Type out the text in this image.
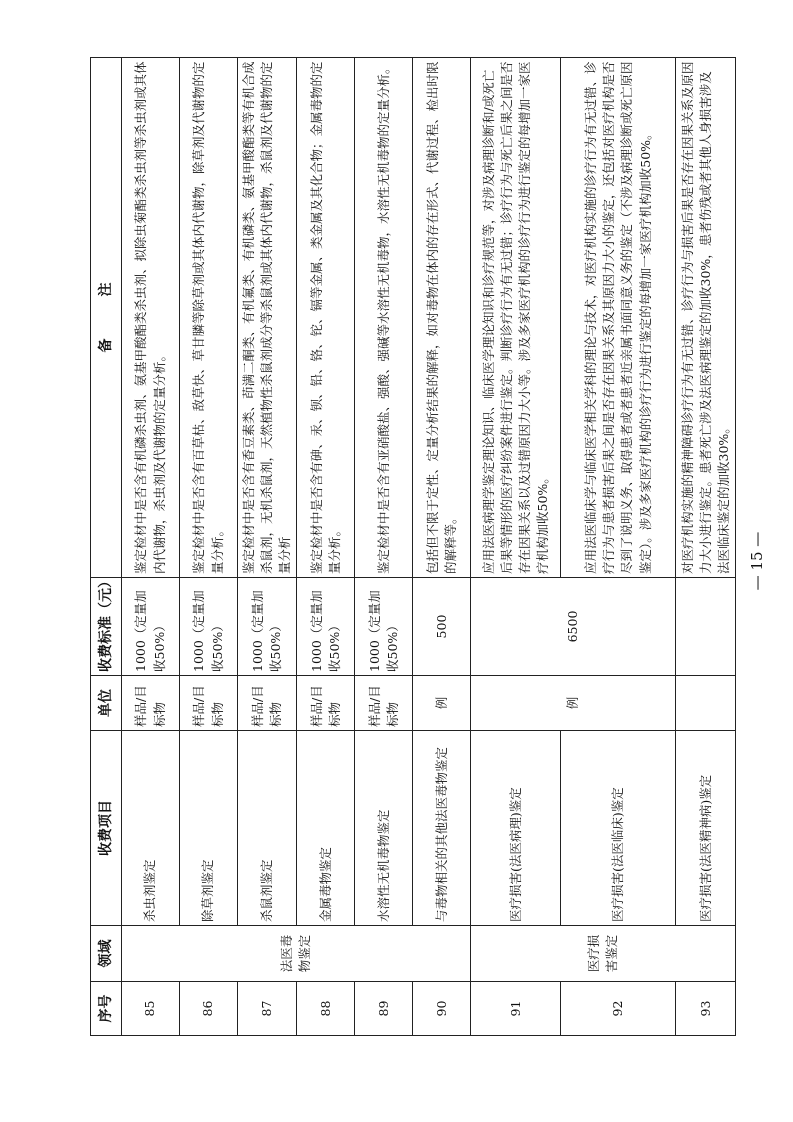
序号	领域	收费项目	单位	收费标准（元）	备　　　注
85	法医毒物鉴定	杀虫剂鉴定	样品/目标物	1000（定量加收50%）	鉴定检材中是否含有机磷杀虫剂、氨基甲酸酯类杀虫剂、拟除虫菊酯类杀虫剂等杀虫剂或其体内代谢物，杀虫剂及代谢物的定量分析。
86		除草剂鉴定	样品/目标物	1000（定量加收50%）	鉴定检材中是否含有百草枯、敌草快、草甘膦等除草剂或其体内代谢物，除草剂及代谢物的定量分析。
87		杀鼠剂鉴定	样品/目标物	1000（定量加收50%）	鉴定检材中是否含有香豆素类、茚满二酮类、有机氟类、有机磷类、氨基甲酸酯类等有机合成杀鼠剂，无机杀鼠剂，天然植物性杀鼠剂成分等杀鼠剂或其体内代谢物，杀鼠剂及代谢物的定量分析
88		金属毒物鉴定	样品/目标物	1000（定量加收50%）	鉴定检材中是否含有砷、汞、钡、铅、铬、铊、镉等金属、类金属及其化合物；金属毒物的定量分析。
89		水溶性无机毒物鉴定	样品/目标物	1000（定量加收50%）	鉴定检材中是否含有亚硝酸盐、强酸、强碱等水溶性无机毒物，水溶性无机毒物的定量分析。
90		与毒物相关的其他法医毒物鉴定	例	500	包括但不限于定性、定量分析结果的解释，如对毒物在体内的存在形式、代谢过程、检出时限的解释等。
91	医疗损害鉴定	医疗损害(法医病理)鉴定	例	6500	应用法医病理学鉴定理论知识、临床医学理论知识和诊疗规范等，对涉及病理诊断和/或死亡后果等情形的医疗纠纷案件进行鉴定。判断诊疗行为有无过错；诊疗行为与死亡后果之间是否存在因果关系以及过错原因力大小等。涉及多家医疗机构的诊疗行为进行鉴定的每增加一家医疗机构加收50%。
92		医疗损害(法医临床)鉴定			应用法医临床学与临床医学相关学科的理论与技术，对医疗机构实施的诊疗行为有无过错、诊疗行为与患者损害后果之间是否存在因果关系及其原因力大小的鉴定，还包括对医疗机构是否尽到了说明义务、取得患者或者患者近亲属书面同意义务的鉴定（不涉及病理诊断或死亡原因鉴定）。涉及多家医疗机构的诊疗行为进行鉴定的每增加一家医疗机构加收50%。
93		医疗损害(法医精神病)鉴定			对医疗机构实施的精神障碍诊疗行为有无过错、诊疗行为与损害后果是否存在因果关系及原因力大小进行鉴定。患者死亡涉及法医病理鉴定的加收30%，患者伤残或者其他人身损害涉及法医临床鉴定的加收30%。 — 15 —
